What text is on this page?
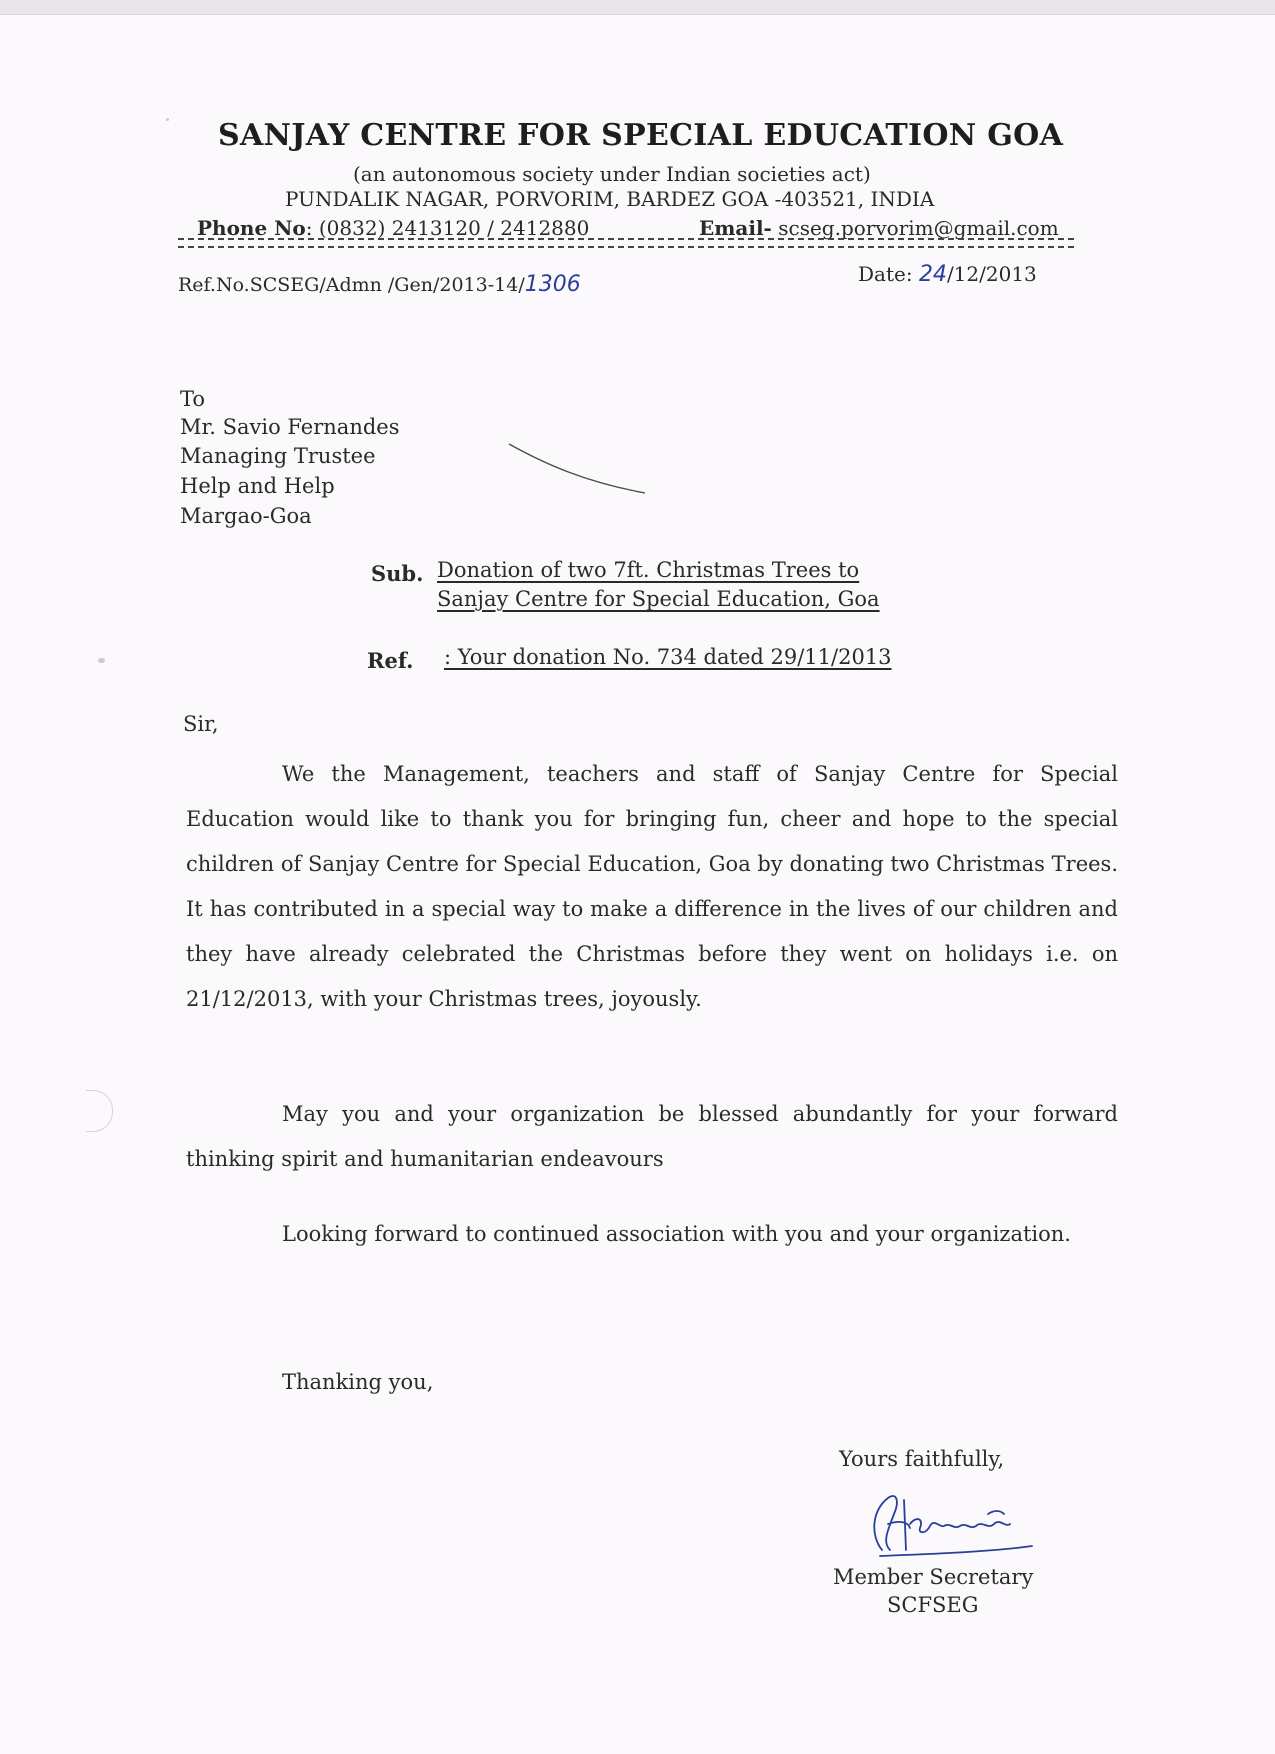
SANJAY CENTRE FOR SPECIAL EDUCATION GOA
(an autonomous society under Indian societies act)
PUNDALIK NAGAR, PORVORIM, BARDEZ GOA -403521, INDIA
Phone No: (0832) 2413120 / 2412880	Email- scseg.porvorim@gmail.com
Ref.No.SCSEG/Admn /Gen/2013-14/1306	Date: 24/12/2013
To
Mr. Savio Fernandes
Managing Trustee
Help and Help
Margao-Goa
Sub. Donation of two 7ft. Christmas Trees to
Sanjay Centre for Special Education, Goa
Ref. : Your donation No. 734 dated 29/11/2013
Sir,
We the Management, teachers and staff of Sanjay Centre for Special Education would like to thank you for bringing fun, cheer and hope to the special children of Sanjay Centre for Special Education, Goa by donating two Christmas Trees. It has contributed in a special way to make a difference in the lives of our children and they have already celebrated the Christmas before they went on holidays i.e. on 21/12/2013, with your Christmas trees, joyously.
May you and your organization be blessed abundantly for your forward thinking spirit and humanitarian endeavours
Looking forward to continued association with you and your organization.
Thanking you,
Yours faithfully,
Member Secretary
SCFSEG
